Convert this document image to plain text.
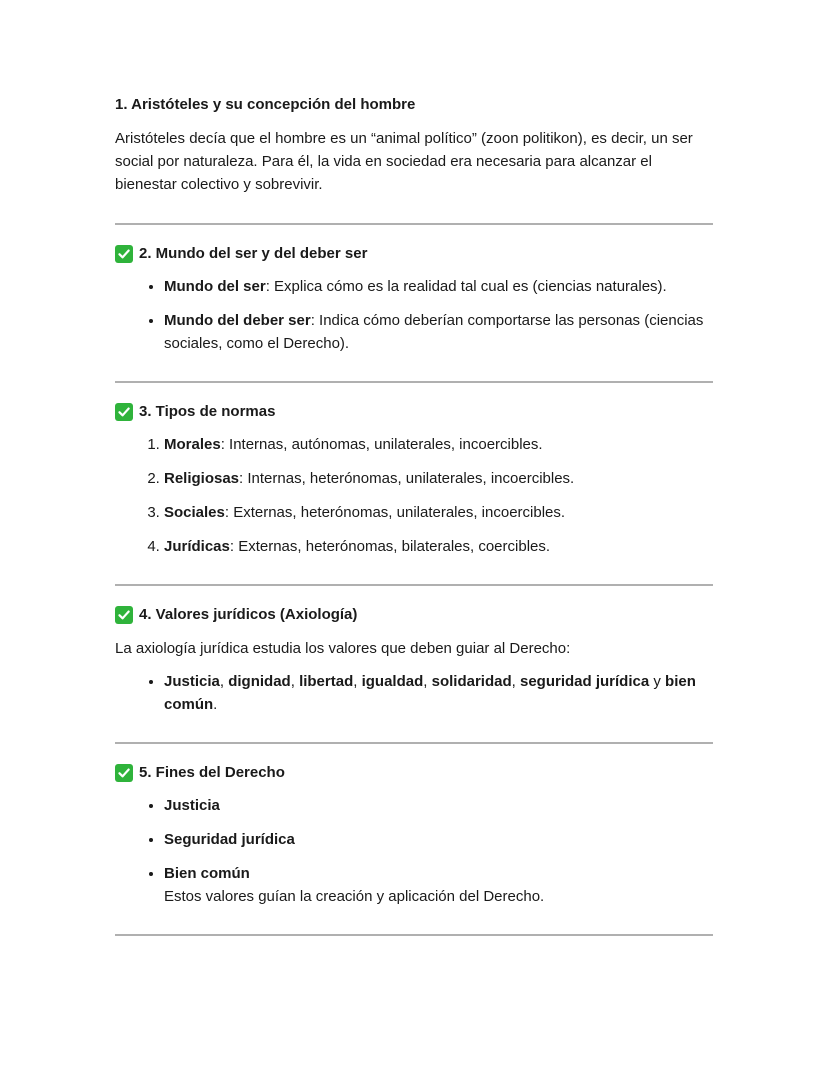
1. Aristóteles y su concepción del hombre

Aristóteles decía que el hombre es un “animal político” (zoon politikon), es decir, un ser social por naturaleza. Para él, la vida en sociedad era necesaria para alcanzar el bienestar colectivo y sobrevivir.

2. Mundo del ser y del deber ser
• Mundo del ser: Explica cómo es la realidad tal cual es (ciencias naturales).
• Mundo del deber ser: Indica cómo deberían comportarse las personas (ciencias sociales, como el Derecho).
3. Tipos de normas
1. Morales: Internas, autónomas, unilaterales, incoercibles.
2. Religiosas: Internas, heterónomas, unilaterales, incoercibles.
3. Sociales: Externas, heterónomas, unilaterales, incoercibles.
4. Jurídicas: Externas, heterónomas, bilaterales, coercibles.
4. Valores jurídicos (Axiología)

La axiología jurídica estudia los valores que deben guiar al Derecho:

• Justicia, dignidad, libertad, igualdad, solidaridad, seguridad jurídica y bien común.
5. Fines del Derecho
• Justicia
• Seguridad jurídica
• Bien común
Estos valores guían la creación y aplicación del Derecho.
